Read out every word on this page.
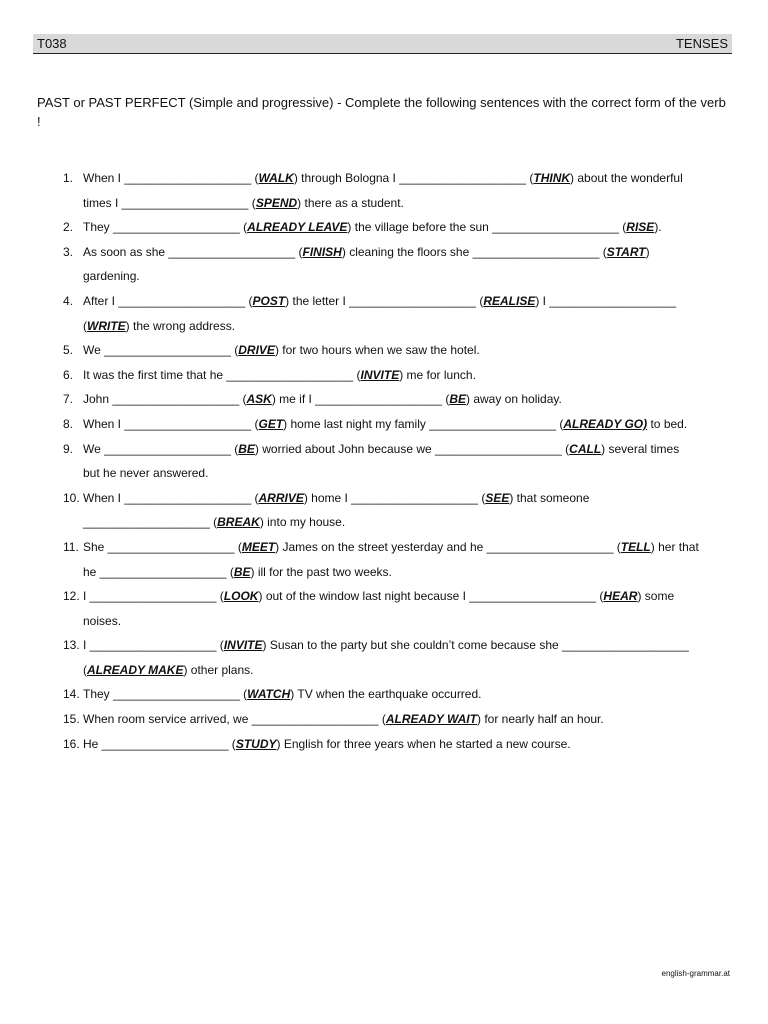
T038	TENSES
PAST or PAST PERFECT (Simple and progressive) - Complete the following sentences with the correct form of the verb !
1. When I ___________________ (WALK) through Bologna I ___________________ (THINK) about the wonderful
times I ___________________ (SPEND) there as a student.
2. They ___________________ (ALREADY LEAVE) the village before the sun ___________________ (RISE).
3. As soon as she ___________________ (FINISH) cleaning the floors she ___________________ (START)
gardening.
4. After I ___________________ (POST) the letter I ___________________ (REALISE) I ___________________
(WRITE) the wrong address.
5. We ___________________ (DRIVE) for two hours when we saw the hotel.
6. It was the first time that he ___________________ (INVITE) me for lunch.
7. John ___________________ (ASK) me if I ___________________ (BE) away on holiday.
8. When I ___________________ (GET) home last night my family ___________________ (ALREADY GO) to bed.
9. We ___________________ (BE) worried about John because we ___________________ (CALL) several times
but he never answered.
10. When I ___________________ (ARRIVE) home I ___________________ (SEE) that someone
___________________ (BREAK) into my house.
11. She ___________________ (MEET) James on the street yesterday and he ___________________ (TELL) her that
he ___________________ (BE) ill for the past two weeks.
12. I ___________________ (LOOK) out of the window last night because I ___________________ (HEAR) some
noises.
13. I ___________________ (INVITE) Susan to the party but she couldn’t come because she ___________________
(ALREADY MAKE) other plans.
14. They ___________________ (WATCH) TV when the earthquake occurred.
15. When room service arrived, we ___________________ (ALREADY WAIT) for nearly half an hour.
16. He ___________________ (STUDY) English for three years when he started a new course.
english-grammar.at
